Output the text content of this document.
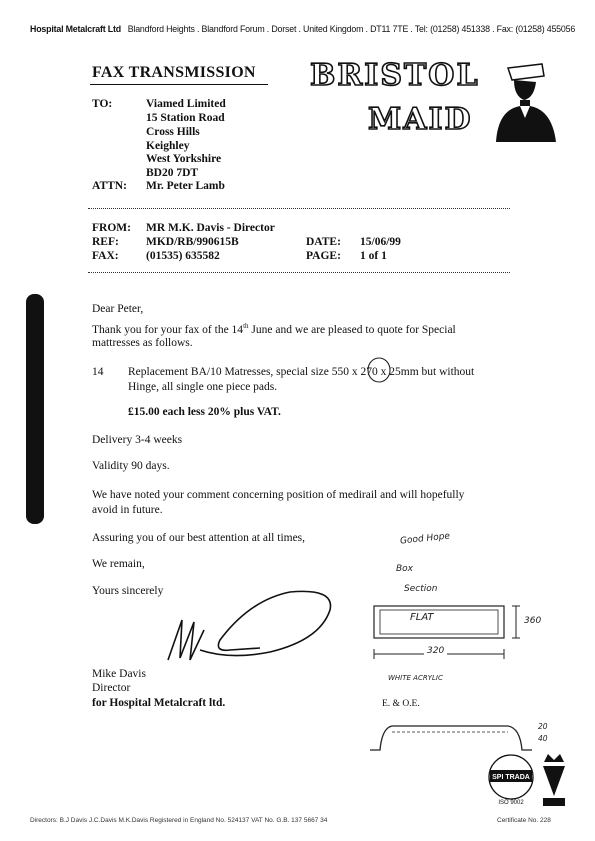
Hospital Metalcraft Ltd Blandford Heights . Blandford Forum . Dorset . United Kingdom . DT11 7TE . Tel: (01258) 451338 . Fax: (01258) 455056
FAX TRANSMISSION BRISTOL
MAID
TO:	Viamed Limited
15 Station Road
Cross Hills
Keighley
West Yorkshire
BD20 7DT
ATTN: Mr. Peter Lamb
FROM: MR M.K. Davis - Director
REF: MKD/RB/990615B
FAX: (01535) 635582
DATE: 15/06/99
PAGE: 1 of 1
Dear Peter,
Thank you for your fax of the 14th June and we are pleased to quote for Special
mattresses as follows.
14 Replacement BA/10 Matresses, special size 550 x 270 x 25mm but without
Hinge, all single one piece pads.
£15.00 each less 20% plus VAT.
Delivery 3-4 weeks
Validity 90 days.
We have noted your comment concerning position of medirail and will hopefully
avoid in future.
Assuring you of our best attention at all times,
We remain,
Yours sincerely
Mike Davis
Director
for Hospital Metalcraft ltd.	E. & O.E.
Good Hope
Box
Section
FLAT	360
320
WHITE ACRYLIC
20
40
SPI TRADA
ISO 9002
Directors: B.J Davis J.C.Davis M.K.Davis Registered in England No. 524137 VAT No. G.B. 137 5667 34	Certificate No. 228
